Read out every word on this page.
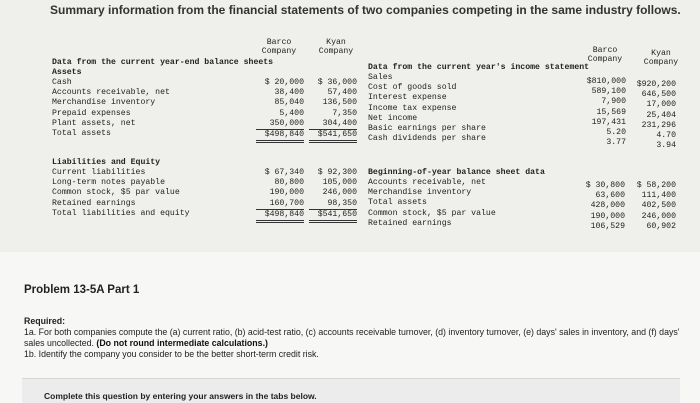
Summary information from the financial statements of two companies competing in the same industry follows.
Barco
Company
Kyan
Company
Data from the current year-end balance sheets
Assets
Cash
Accounts receivable, net
Merchandise inventory
Prepaid expenses
Plant assets, net
Total assets
$ 20,000
38,400
85,040
5,400
350,000
$498,840
$ 36,000
57,400
136,500
7,350
304,400
$541,650
Liabilities and Equity
Current liabilities
Long-term notes payable
Common stock, $5 par value
Retained earnings
Total liabilities and equity
$ 67,340
80,800
190,000
160,700
$498,840
$ 92,300
105,000
246,000
98,350
$541,650
Barco
Company
Kyan
Company
Data from the current year's income statement
Sales
Cost of goods sold
Interest expense
Income tax expense
Net income
Basic earnings per share
Cash dividends per share
$810,000
589,100
7,900
15,569
197,431
5.20
3.77
$920,200
646,500
17,000
25,404
231,296
4.70
3.94
Beginning-of-year balance sheet data
Accounts receivable, net
Merchandise inventory
Total assets
Common stock, $5 par value
Retained earnings
$ 30,800
63,600
428,000
190,000
106,529
$ 58,200
111,400
402,500
246,000
60,902
Problem 13-5A Part 1
Required:
1a. For both companies compute the (a) current ratio, (b) acid-test ratio, (c) accounts receivable turnover, (d) inventory turnover, (e) days' sales in inventory, and (f) days' sales uncollected. (Do not round intermediate calculations.)
1b. Identify the company you consider to be the better short-term credit risk.
Complete this question by entering your answers in the tabs below.
